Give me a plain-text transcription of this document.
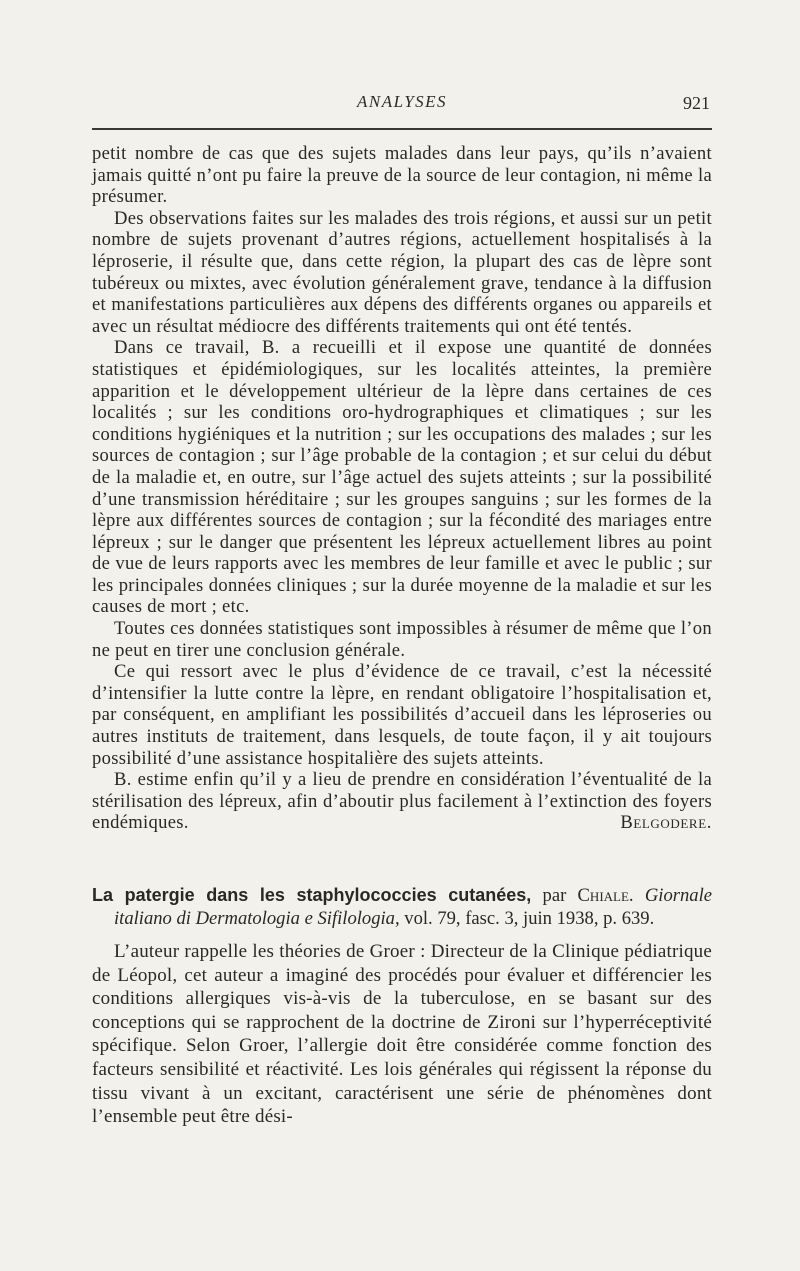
ANALYSES	921

petit nombre de cas que des sujets malades dans leur pays, qu’ils n’avaient jamais quitté n’ont pu faire la preuve de la source de leur contagion, ni même la présumer.

Des observations faites sur les malades des trois régions, et aussi sur un petit nombre de sujets provenant d’autres régions, actuellement hospitalisés à la léproserie, il résulte que, dans cette région, la plupart des cas de lèpre sont tubéreux ou mixtes, avec évolution généralement grave, tendance à la diffusion et manifestations particulières aux dépens des différents organes ou appareils et avec un résultat médiocre des différents traitements qui ont été tentés.

Dans ce travail, B. a recueilli et il expose une quantité de données statistiques et épidémiologiques, sur les localités atteintes, la première apparition et le développement ultérieur de la lèpre dans certaines de ces localités ; sur les conditions oro-hydrographiques et climatiques ; sur les conditions hygiéniques et la nutrition ; sur les occupations des malades ; sur les sources de contagion ; sur l’âge probable de la contagion ; et sur celui du début de la maladie et, en outre, sur l’âge actuel des sujets atteints ; sur la possibilité d’une transmission héréditaire ; sur les groupes sanguins ; sur les formes de la lèpre aux différentes sources de contagion ; sur la fécondité des mariages entre lépreux ; sur le danger que présentent les lépreux actuellement libres au point de vue de leurs rapports avec les membres de leur famille et avec le public ; sur les principales données cliniques ; sur la durée moyenne de la maladie et sur les causes de mort ; etc.

Toutes ces données statistiques sont impossibles à résumer de même que l’on ne peut en tirer une conclusion générale.

Ce qui ressort avec le plus d’évidence de ce travail, c’est la nécessité d’intensifier la lutte contre la lèpre, en rendant obligatoire l’hospitalisation et, par conséquent, en amplifiant les possibilités d’accueil dans les léproseries ou autres instituts de traitement, dans lesquels, de toute façon, il y ait toujours possibilité d’une assistance hospitalière des sujets atteints.

B. estime enfin qu’il y a lieu de prendre en considération l’éventualité de la stérilisation des lépreux, afin d’aboutir plus facilement à l’extinction des foyers endémiques.	Belgodere.

La patergie dans les staphylococcies cutanées, par Chiale. Giornale italiano di Dermatologia e Sifilologia, vol. 79, fasc. 3, juin 1938, p. 639.

L’auteur rappelle les théories de Groer : Directeur de la Clinique pédiatrique de Léopol, cet auteur a imaginé des procédés pour évaluer et différencier les conditions allergiques vis-à-vis de la tuberculose, en se basant sur des conceptions qui se rapprochent de la doctrine de Zironi sur l’hyperréceptivité spécifique. Selon Groer, l’allergie doit être considérée comme fonction des facteurs sensibilité et réactivité. Les lois générales qui régissent la réponse du tissu vivant à un excitant, caractérisent une série de phénomènes dont l’ensemble peut être dési-
